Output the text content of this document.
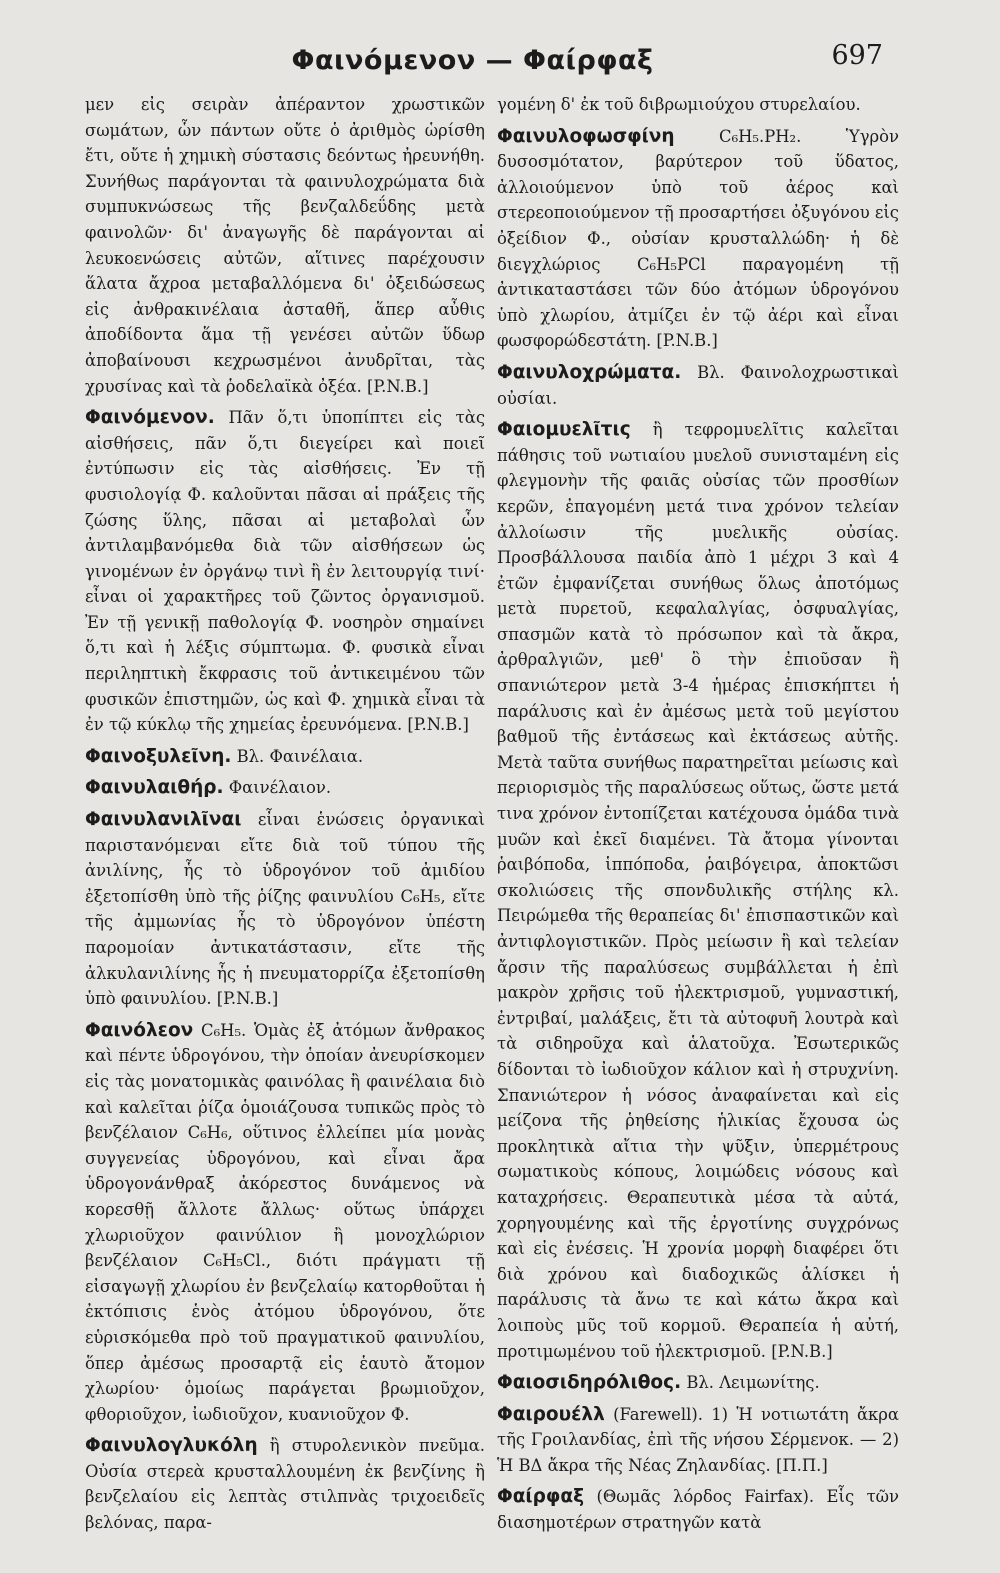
Φαινόμενον — Φαίρφαξ	697

μεν εἰς σειρὰν ἀπέραντον χρωστικῶν σωμάτων, ὧν πάντων οὔτε ὁ ἀριθμὸς ὡρίσθη ἔτι, οὔτε ἡ χημικὴ σύστασις δεόντως ἠρευνήθη. Συνήθως παράγονται τὰ φαινυλοχρώματα διὰ συμπυκνώσεως τῆς βενζαλδεΰδης μετὰ φαινολῶν· δι' ἀναγωγῆς δὲ παράγονται αἱ λευκοενώσεις αὐτῶν, αἵτινες παρέχουσιν ἅλατα ἄχροα μεταβαλλόμενα δι' ὀξειδώσεως εἰς ἀνθρακινέλαια ἀσταθῆ, ἅπερ αὖθις ἀποδίδοντα ἅμα τῇ γενέσει αὐτῶν ὕδωρ ἀποβαίνουσι κεχρωσμένοι ἀνυδρῖται, τὰς χρυσίνας καὶ τὰ ῥοδελαϊκὰ ὀξέα. [P.N.B.]

Φαινόμενον. Πᾶν ὅ,τι ὑποπίπτει εἰς τὰς αἰσθήσεις, πᾶν ὅ,τι διεγείρει καὶ ποιεῖ ἐντύπωσιν εἰς τὰς αἰσθήσεις. Ἐν τῇ φυσιολογίᾳ Φ. καλοῦνται πᾶσαι αἱ πράξεις τῆς ζώσης ὕλης, πᾶσαι αἱ μεταβολαὶ ὧν ἀντιλαμβανόμεθα διὰ τῶν αἰσθήσεων ὡς γινομένων ἐν ὀργάνῳ τινὶ ἢ ἐν λειτουργίᾳ τινί· εἶναι οἱ χαρακτῆρες τοῦ ζῶντος ὀργανισμοῦ. Ἐν τῇ γενικῇ παθολογίᾳ Φ. νοσηρὸν σημαίνει ὅ,τι καὶ ἡ λέξις σύμπτωμα. Φ. φυσικὰ εἶναι περιληπτικὴ ἔκφρασις τοῦ ἀντικειμένου τῶν φυσικῶν ἐπιστημῶν, ὡς καὶ Φ. χημικὰ εἶναι τὰ ἐν τῷ κύκλῳ τῆς χημείας ἐρευνόμενα. [P.N.B.]

Φαινοξυλεῖνη. Βλ. Φαινέλαια.

Φαινυλαιθήρ. Φαινέλαιον.

Φαινυλανιλῖναι εἶναι ἑνώσεις ὀργανικαὶ παριστανόμεναι εἴτε διὰ τοῦ τύπου τῆς ἀνιλίνης, ἧς τὸ ὑδρογόνον τοῦ ἀμιδίου ἐξετοπίσθη ὑπὸ τῆς ῥίζης φαινυλίου C₆H₅, εἴτε τῆς ἀμμωνίας ἧς τὸ ὑδρογόνον ὑπέστη παρομοίαν ἀντικατάστασιν, εἴτε τῆς ἀλκυλανιλίνης ἧς ἡ πνευματορρίζα ἐξετοπίσθη ὑπὸ φαινυλίου. [P.N.B.]

Φαινόλεον C₆H₅. Ὁμὰς ἐξ ἀτόμων ἄνθρακος καὶ πέντε ὑδρογόνου, τὴν ὁποίαν ἀνευρίσκομεν εἰς τὰς μονατομικὰς φαινόλας ἢ φαινέλαια διὸ καὶ καλεῖται ῥίζα ὁμοιάζουσα τυπικῶς πρὸς τὸ βενζέλαιον C₆H₆, οὕτινος ἐλλείπει μία μονὰς συγγενείας ὑδρογόνου, καὶ εἶναι ἄρα ὑδρογονάνθραξ ἀκόρεστος δυνάμενος νὰ κορεσθῇ ἄλλοτε ἄλλως· οὕτως ὑπάρχει χλωριοῦχον φαινύλιον ἢ μονοχλώριον βενζέλαιον C₆H₅Cl., διότι πράγματι τῇ εἰσαγωγῇ χλωρίου ἐν βενζελαίῳ κατορθοῦται ἡ ἐκτόπισις ἑνὸς ἀτόμου ὑδρογόνου, ὅτε εὑρισκόμεθα πρὸ τοῦ πραγματικοῦ φαινυλίου, ὅπερ ἀμέσως προσαρτᾷ εἰς ἑαυτὸ ἄτομον χλωρίου· ὁμοίως παράγεται βρωμιοῦχον, φθοριοῦχον, ἰωδιοῦχον, κυανιοῦχον Φ.

Φαινυλογλυκόλη ἢ στυρολενικὸν πνεῦμα. Οὐσία στερεὰ κρυσταλλουμένη ἐκ βενζίνης ἢ βενζελαίου εἰς λεπτὰς στιλπνὰς τριχοειδεῖς βελόνας, παρα-

γομένη δ' ἐκ τοῦ διβρωμιούχου στυρελαίου.

Φαινυλοφωσφίνη	C₆H₅.PH₂. Ὑγρὸν δυσοσμότατον, βαρύτερον τοῦ ὕδατος, ἀλλοιούμενον ὑπὸ τοῦ ἀέρος καὶ στερεοποιούμενον τῇ προσαρτήσει ὀξυγόνου εἰς ὀξείδιον Φ., οὐσίαν κρυσταλλώδη· ἡ δὲ διεγχλώριος C₆H₅PCl παραγομένη τῇ ἀντικαταστάσει τῶν δύο ἀτόμων ὑδρογόνου ὑπὸ χλωρίου, ἀτμίζει ἐν τῷ ἀέρι καὶ εἶναι φωσφορώδεστάτη. [P.N.B.]

Φαινυλοχρώματα. Βλ. Φαινολοχρωστικαὶ οὐσίαι.

Φαιομυελῖτις ἢ τεφρομυελῖτις καλεῖται πάθησις τοῦ νωτιαίου μυελοῦ συνισταμένη εἰς φλεγμονὴν τῆς φαιᾶς οὐσίας τῶν προσθίων κερῶν, ἐπαγομένη μετά τινα χρόνον τελείαν ἀλλοίωσιν τῆς μυελικῆς οὐσίας. Προσβάλλουσα παιδία ἀπὸ 1 μέχρι 3 καὶ 4 ἐτῶν ἐμφανίζεται συνήθως ὅλως ἀποτόμως μετὰ πυρετοῦ, κεφαλαλγίας, ὀσφυαλγίας, σπασμῶν κατὰ τὸ πρόσωπον καὶ τὰ ἄκρα, ἀρθραλγιῶν, μεθ' ὃ τὴν ἐπιοῦσαν ἢ σπανιώτερον μετὰ 3-4 ἡμέρας ἐπισκήπτει ἡ παράλυσις καὶ ἐν ἀμέσως μετὰ τοῦ μεγίστου βαθμοῦ τῆς ἐντάσεως καὶ ἐκτάσεως αὐτῆς. Μετὰ ταῦτα συνήθως παρατηρεῖται μείωσις καὶ περιορισμὸς τῆς παραλύσεως οὕτως, ὥστε μετά τινα χρόνον ἐντοπίζεται κατέχουσα ὁμάδα τινὰ μυῶν καὶ ἐκεῖ διαμένει. Τὰ ἄτομα γίνονται ῥαιβόποδα, ἱππόποδα, ῥαιβόγειρα, ἀποκτῶσι σκολιώσεις τῆς σπονδυλικῆς στήλης κλ. Πειρώμεθα τῆς θεραπείας δι' ἐπισπαστικῶν καὶ ἀντιφλογιστικῶν. Πρὸς μείωσιν ἢ καὶ τελείαν ἄρσιν τῆς παραλύσεως συμβάλλεται ἡ ἐπὶ μακρὸν χρῆσις τοῦ ἠλεκτρισμοῦ, γυμναστική, ἐντριβαί, μαλάξεις, ἔτι τὰ αὐτοφυῆ λουτρὰ καὶ τὰ σιδηροῦχα καὶ ἁλατοῦχα. Ἐσωτερικῶς δίδονται τὸ ἰωδιοῦχον κάλιον καὶ ἡ στρυχνίνη. Σπανιώτερον ἡ νόσος ἀναφαίνεται καὶ εἰς μείζονα τῆς ῥηθείσης ἡλικίας ἔχουσα ὡς προκλητικὰ αἴτια τὴν ψῦξιν, ὑπερμέτρους σωματικοὺς κόπους, λοιμώδεις νόσους καὶ καταχρήσεις. Θεραπευτικὰ μέσα τὰ αὐτά, χορηγουμένης καὶ τῆς ἐργοτίνης συγχρόνως καὶ εἰς ἐνέσεις. Ἡ χρονία μορφὴ διαφέρει ὅτι διὰ χρόνου καὶ διαδοχικῶς ἁλίσκει ἡ παράλυσις τὰ ἄνω τε καὶ κάτω ἄκρα καὶ λοιποὺς μῦς τοῦ κορμοῦ. Θεραπεία ἡ αὐτή, προτιμωμένου τοῦ ἠλεκτρισμοῦ. [P.N.B.]

Φαιοσιδηρόλιθος. Βλ. Λειμωνίτης.

Φαιρουέλλ (Farewell). 1) Ἡ νοτιωτάτη ἄκρα τῆς Γροιλανδίας, ἐπὶ τῆς νήσου Σέρμενοκ. — 2) Ἡ ΒΔ ἄκρα τῆς Νέας Ζηλανδίας. [Π.Π.]

Φαίρφαξ (Θωμᾶς λόρδος Fairfax). Εἷς τῶν διασημοτέρων στρατηγῶν κατὰ
